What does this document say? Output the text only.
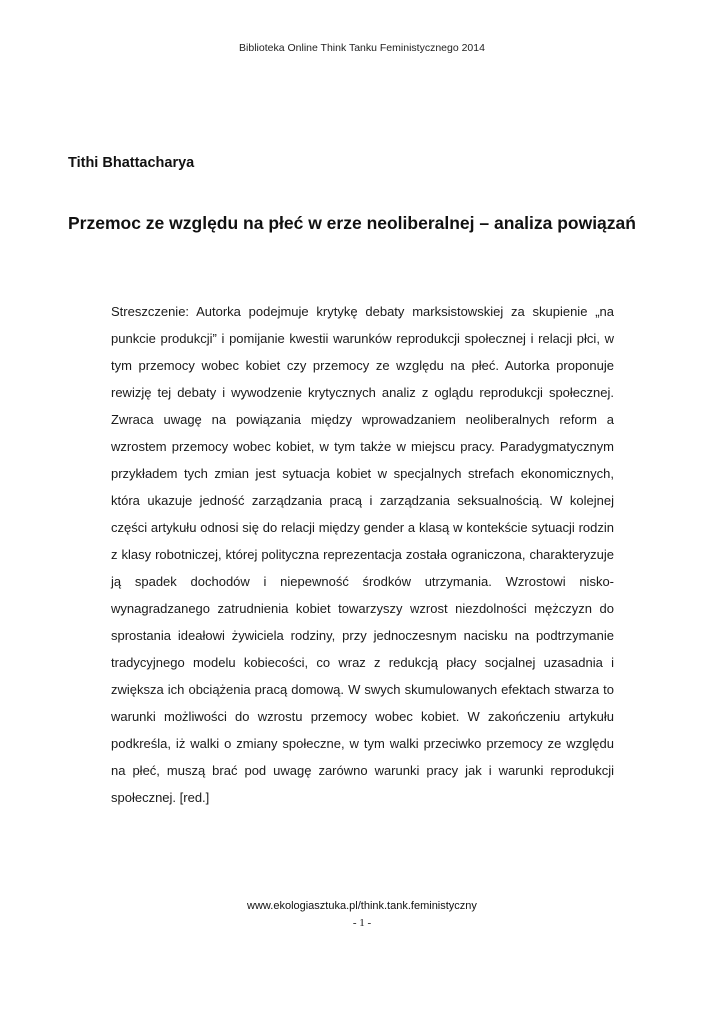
Biblioteka Online Think Tanku Feministycznego 2014
Tithi Bhattacharya
Przemoc ze względu na płeć w erze neoliberalnej – analiza powiązań
Streszczenie: Autorka podejmuje krytykę debaty marksistowskiej za skupienie „na punkcie produkcji” i pomijanie kwestii warunków reprodukcji społecznej i relacji płci, w tym przemocy wobec kobiet czy przemocy ze względu na płeć. Autorka proponuje rewizję tej debaty i wywodzenie krytycznych analiz z oglądu reprodukcji społecznej. Zwraca uwagę na powiązania między wprowadzaniem neoliberalnych reform a wzrostem przemocy wobec kobiet, w tym także w miejscu pracy. Paradygmatycznym przykładem tych zmian jest sytuacja kobiet w specjalnych strefach ekonomicznych, która ukazuje jedność zarządzania pracą i zarządzania seksualnością. W kolejnej części artykułu odnosi się do relacji między gender a klasą w kontekście sytuacji rodzin z klasy robotniczej, której polityczna reprezentacja została ograniczona, charakteryzuje ją spadek dochodów i niepewność środków utrzymania. Wzrostowi nisko-wynagradzanego zatrudnienia kobiet towarzyszy wzrost niezdolności mężczyzn do sprostania ideałowi żywiciela rodziny, przy jednoczesnym nacisku na podtrzymanie tradycyjnego modelu kobiecości, co wraz z redukcją płacy socjalnej uzasadnia i zwiększa ich obciążenia pracą domową. W swych skumulowanych efektach stwarza to warunki możliwości do wzrostu przemocy wobec kobiet. W zakończeniu artykułu podkreśla, iż walki o zmiany społeczne, w tym walki przeciwko przemocy ze względu na płeć, muszą brać pod uwagę zarówno warunki pracy jak i warunki reprodukcji społecznej. [red.]
www.ekologiasztuka.pl/think.tank.feministyczny
- 1 -
